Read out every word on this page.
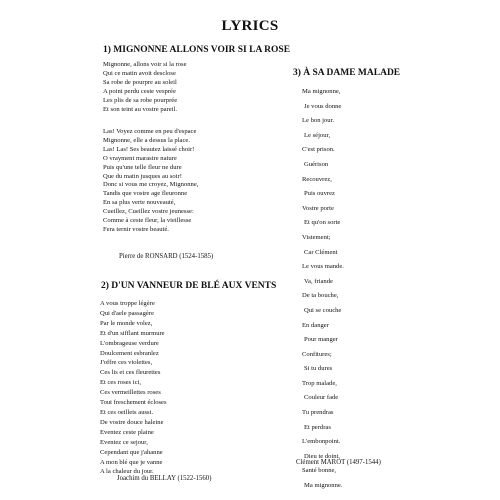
LYRICS
1) MIGNONNE ALLONS VOIR SI LA ROSE
Mignonne, allons voir si la rose
Qui ce matin avoit desclose
Sa robe de pourpre au soleil
A point perdu ceste vesprée
Les plis de sa robe pourprée
Et son teint au vostre pareil.
Las! Voyez comme en peu d'espace
Mignonne, elle a dessus la place.
Las! Las! Ses beautez laissé choir!
O vrayment marastre nature
Puis qu'une telle fleur ne dure
Que du matin jusques au soir!
Donc si vous me croyez, Mignonne,
Tandis que vostre age fleuronne
En sa plus verte nouveauté,
Cueillez, Cueillez vostre jeunesse:
Comme à ceste fleur, la vieillesse
Fera ternir vostre beauté.
Pierre de RONSARD (1524-1585)
2) D'UN VANNEUR DE BLÉ AUX VENTS
A vous troppe légère
Qui d'aele passagère
Par le monde volez,
Et d'un sifflant murmure
L'ombrageuse verdure
Doulcement esbranlez
J'offre ces violettes,
Ces lis et ces fleurettes
Et ces roses ici,
Ces vermeillettes roses
Tout freschement écloses
Et ces oeillets aussi.
De vostre douce haleine
Eventez ceste plaine
Eventez ce sejour,
Cependant que j'ahanne
A mon blé que je vanne
A la chaleur du jour.
Joachim du BELLAY (1522-1560)
3) À SA DAME MALADE
Ma mignonne,
Je vous donne
Le bon jour.
Le séjour,
C'est prison.
Guérison
Recouvrez,
Puis ouvrez
Vostre porte
Et qu'on sorte
Vistement;
Car Clément
Le vous mande.
Va, friande
De ta bouche,
Qui se couche
En danger
Pour manger
Confitures;
Si tu dures
Trop malade,
Couleur fade
Tu prendras
Et perdras
L'embonpoint.
Dieu te doint,
Santé bonne,
Ma mignonne.
Clément MAROT (1497-1544)
